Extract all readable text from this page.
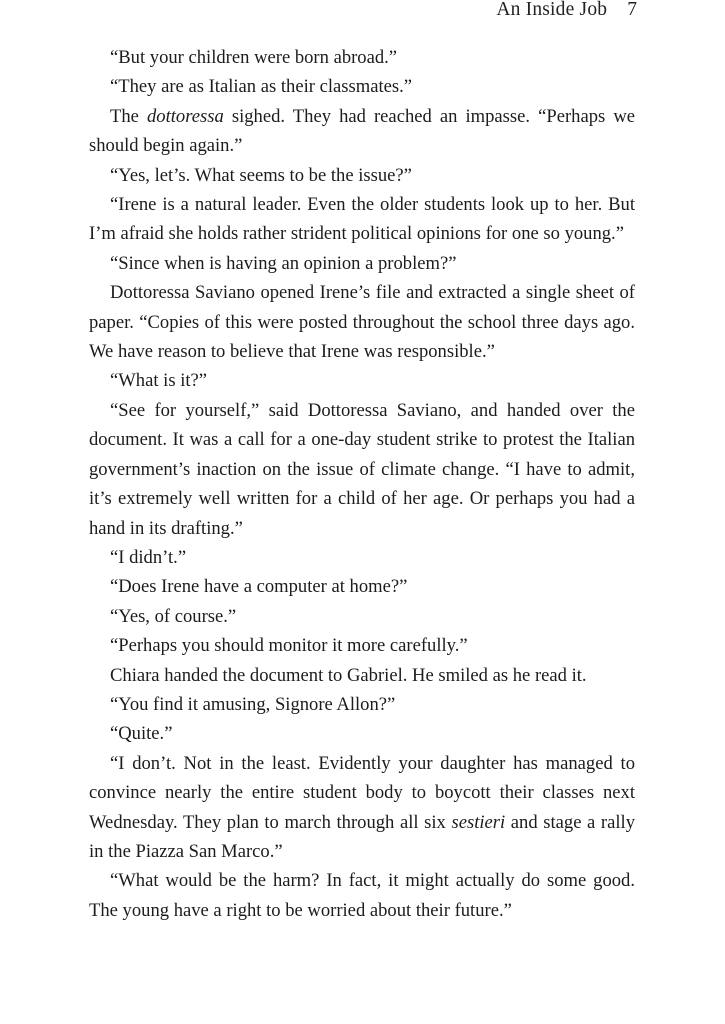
An Inside Job 7

“But your children were born abroad.”

“They are as Italian as their classmates.”

The dottoressa sighed. They had reached an impasse. “Perhaps we should begin again.”

“Yes, let’s. What seems to be the issue?”

“Irene is a natural leader. Even the older students look up to her. But I’m afraid she holds rather strident political opinions for one so young.”

“Since when is having an opinion a problem?”

Dottoressa Saviano opened Irene’s file and extracted a single sheet of paper. “Copies of this were posted throughout the school three days ago. We have reason to believe that Irene was responsible.”

“What is it?”

“See for yourself,” said Dottoressa Saviano, and handed over the document. It was a call for a one-day student strike to protest the Italian government’s inaction on the issue of climate change. “I have to admit, it’s extremely well written for a child of her age. Or perhaps you had a hand in its drafting.”

“I didn’t.”

“Does Irene have a computer at home?”

“Yes, of course.”

“Perhaps you should monitor it more carefully.”

Chiara handed the document to Gabriel. He smiled as he read it.

“You find it amusing, Signore Allon?”

“Quite.”

“I don’t. Not in the least. Evidently your daughter has managed to convince nearly the entire student body to boycott their classes next Wednesday. They plan to march through all six sestieri and stage a rally in the Piazza San Marco.”

“What would be the harm? In fact, it might actually do some good. The young have a right to be worried about their future.”
